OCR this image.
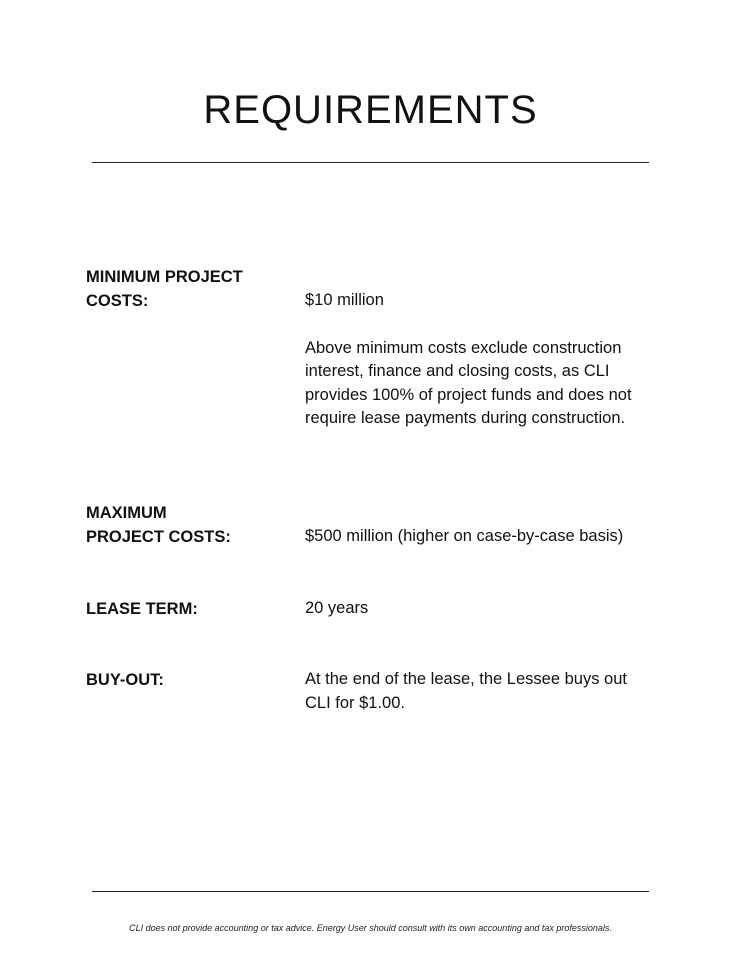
REQUIREMENTS
MINIMUM PROJECT
COSTS:	$10 million

Above minimum costs exclude construction interest, finance and closing costs, as CLI provides 100% of project funds and does not require lease payments during construction.

MAXIMUM
PROJECT COSTS:	$500 million (higher on case-by-case basis)

LEASE TERM:	20 years

BUY-OUT:	At the end of the lease, the Lessee buys out CLI for $1.00.

CLI does not provide accounting or tax advice. Energy User should consult with its own accounting and tax professionals.
